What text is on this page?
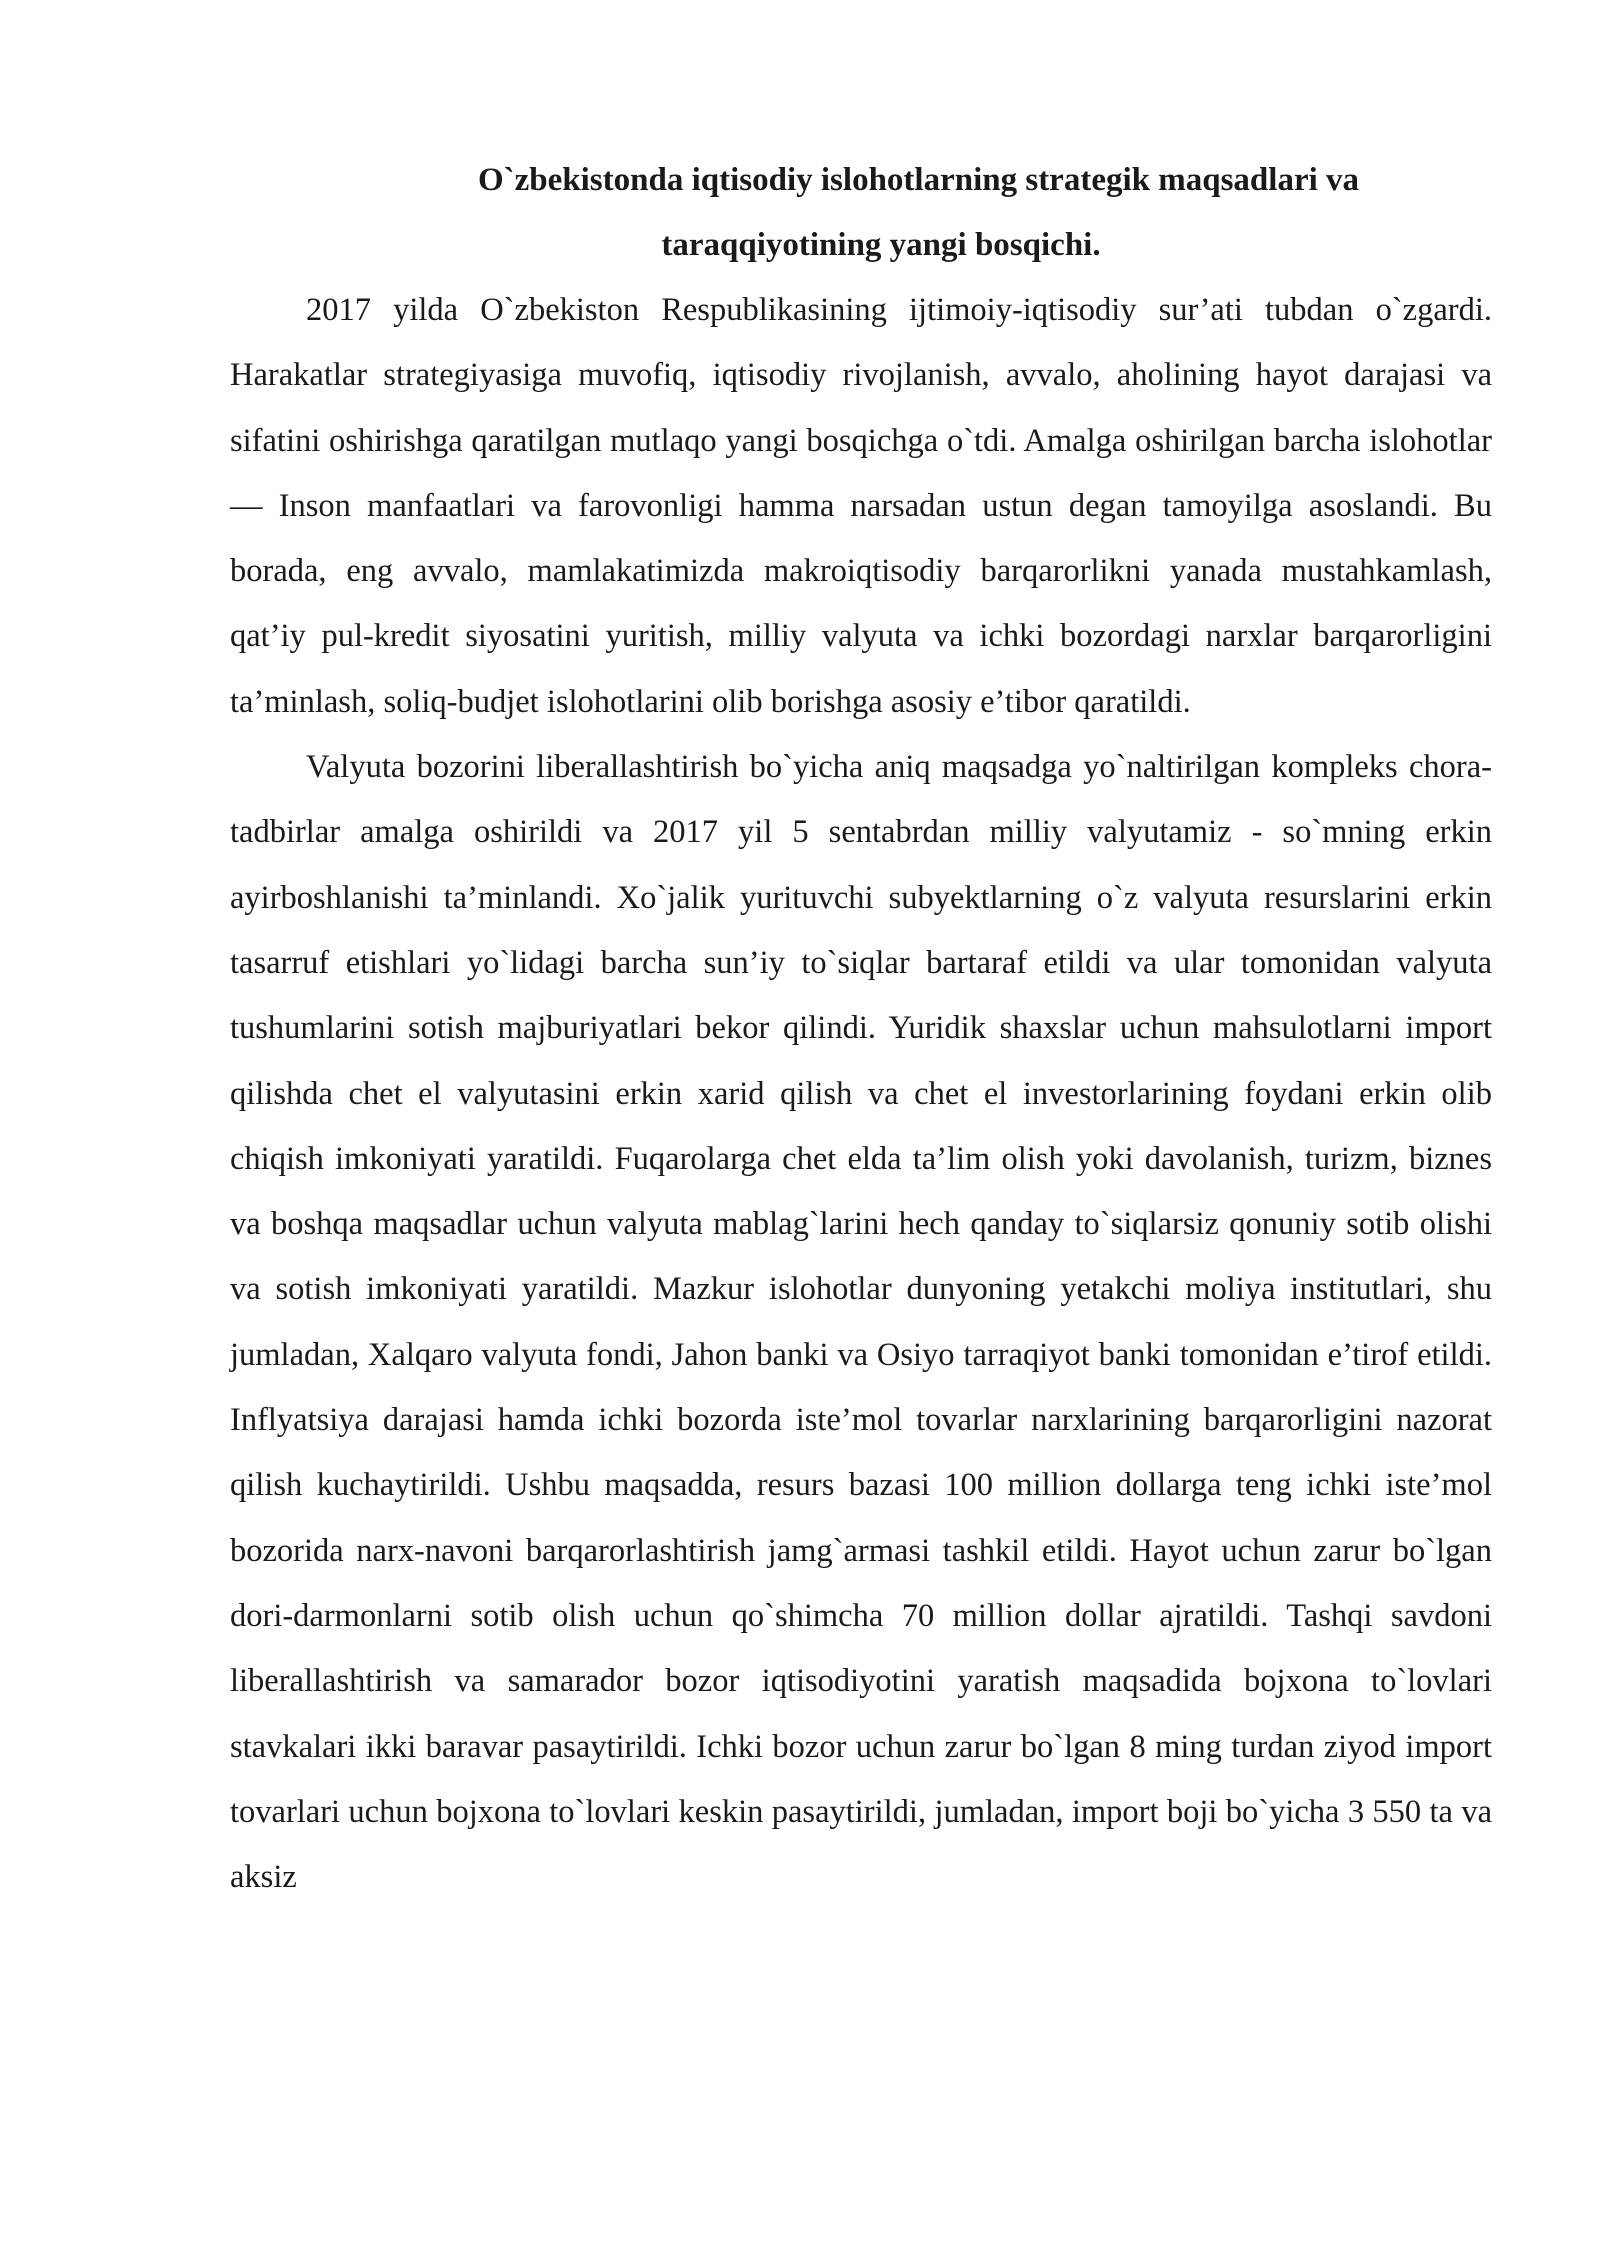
O`zbekistonda iqtisodiy islohotlarning strategik maqsadlari va
taraqqiyotining yangi bosqichi.

2017 yilda O`zbekiston Respublikasining ijtimoiy-iqtisodiy sur’ati tubdan o`zgardi. Harakatlar strategiyasiga muvofiq, iqtisodiy rivojlanish, avvalo, aholining hayot darajasi va sifatini oshirishga qaratilgan mutlaqo yangi bosqichga o`tdi. Amalga oshirilgan barcha islohotlar — Inson manfaatlari va farovonligi hamma narsadan ustun degan tamoyilga asoslandi. Bu borada, eng avvalo, mamlakatimizda makroiqtisodiy barqarorlikni yanada mustahkamlash, qat’iy pul-kredit siyosatini yuritish, milliy valyuta va ichki bozordagi narxlar barqarorligini ta’minlash, soliq-budjet islohotlarini olib borishga asosiy e’tibor qaratildi.

Valyuta bozorini liberallashtirish bo`yicha aniq maqsadga yo`naltirilgan kompleks chora-tadbirlar amalga oshirildi va 2017 yil 5 sentabrdan milliy valyutamiz - so`mning erkin ayirboshlanishi ta’minlandi. Xo`jalik yurituvchi subyektlarning o`z valyuta resurslarini erkin tasarruf etishlari yo`lidagi barcha sun’iy to`siqlar bartaraf etildi va ular tomonidan valyuta tushumlarini sotish majburiyatlari bekor qilindi. Yuridik shaxslar uchun mahsulotlarni import qilishda chet el valyutasini erkin xarid qilish va chet el investorlarining foydani erkin olib chiqish imkoniyati yaratildi. Fuqarolarga chet elda ta’lim olish yoki davolanish, turizm, biznes va boshqa maqsadlar uchun valyuta mablag`larini hech qanday to`siqlarsiz qonuniy sotib olishi va sotish imkoniyati yaratildi. Mazkur islohotlar dunyoning yetakchi moliya institutlari, shu jumladan, Xalqaro valyuta fondi, Jahon banki va Osiyo tarraqiyot banki tomonidan e’tirof etildi. Inflyatsiya darajasi hamda ichki bozorda iste’mol tovarlar narxlarining barqarorligini nazorat qilish kuchaytirildi. Ushbu maqsadda, resurs bazasi 100 million dollarga teng ichki iste’mol bozorida narx-navoni barqarorlashtirish jamg`armasi tashkil etildi. Hayot uchun zarur bo`lgan dori-darmonlarni sotib olish uchun qo`shimcha 70 million dollar ajratildi. Tashqi savdoni liberallashtirish va samarador bozor iqtisodiyotini yaratish maqsadida bojxona to`lovlari stavkalari ikki baravar pasaytirildi. Ichki bozor uchun zarur bo`lgan 8 ming turdan ziyod import tovarlari uchun bojxona to`lovlari keskin pasaytirildi, jumladan, import boji bo`yicha 3 550 ta va aksiz
